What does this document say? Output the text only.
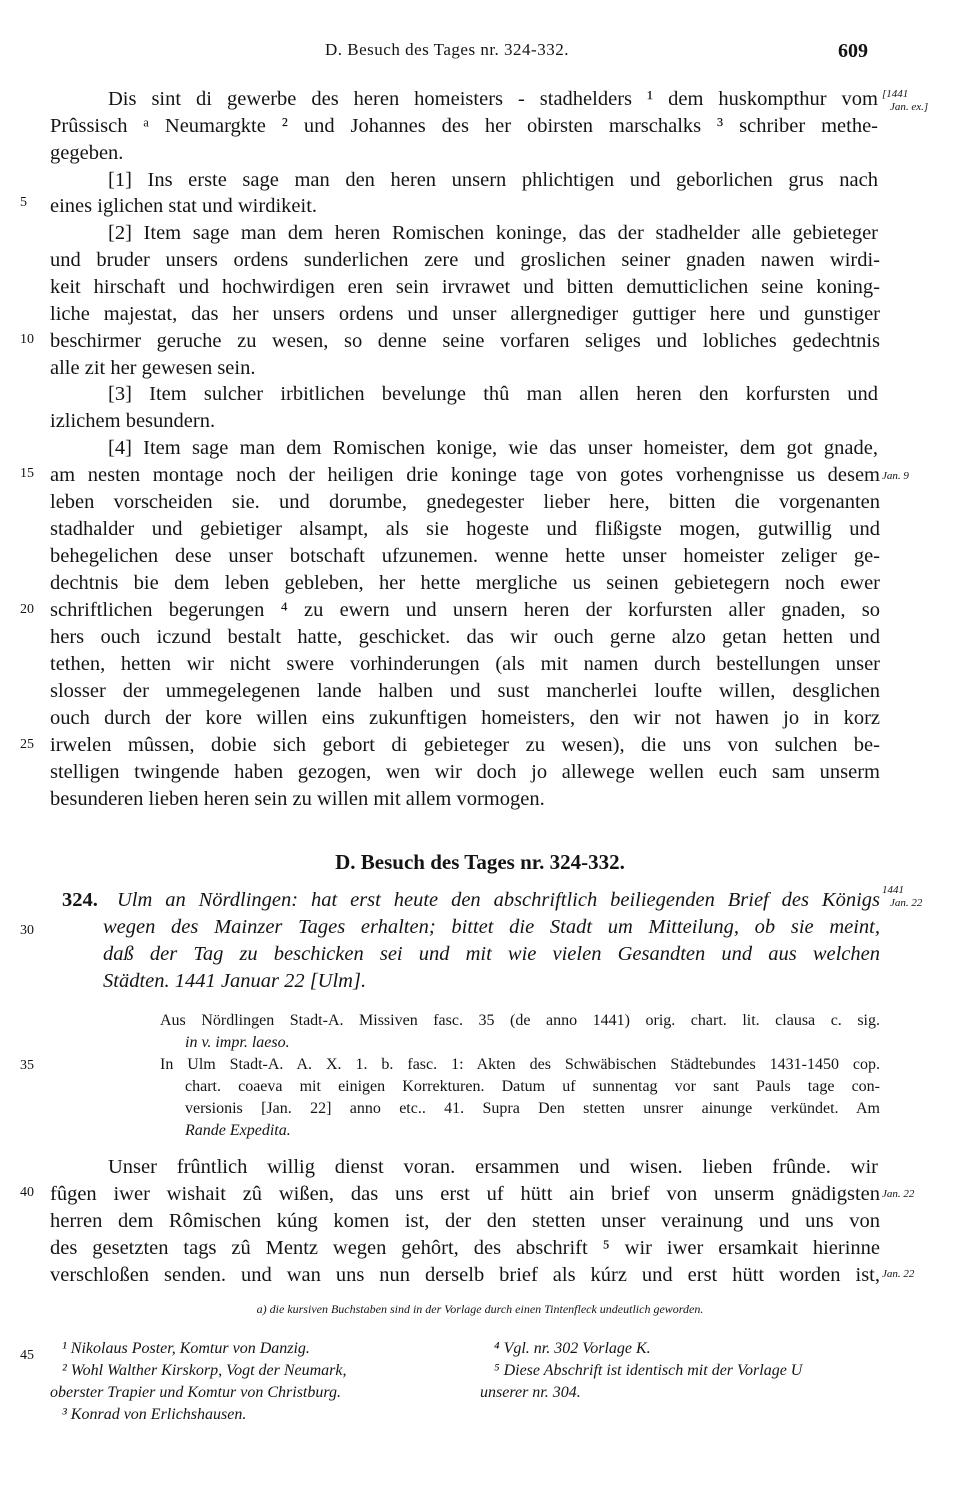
D. Besuch des Tages nr. 324-332.	609
[1441
Jan. ex.]
Jan. 9
1441
Jan. 22
Jan. 22
Jan. 22
5
10
15
20
25
30
35
40
45
Dis sint di gewerbe des heren homeisters - stadhelders ¹ dem huskompthur vom
Prûssisch ᵃ Neumargkte ² und Johannes des her obirsten marschalks ³ schriber methe-
gegeben.
[1] Ins erste sage man den heren unsern phlichtigen und geborlichen grus nach
eines iglichen stat und wirdikeit.
[2] Item sage man dem heren Romischen koninge, das der stadhelder alle gebieteger
und bruder unsers ordens sunderlichen zere und groslichen seiner gnaden nawen wirdi-
keit hirschaft und hochwirdigen eren sein irvrawet und bitten demutticlichen seine koning-
liche majestat, das her unsers ordens und unser allergnediger guttiger here und gunstiger
beschirmer geruche zu wesen, so denne seine vorfaren seliges und lobliches gedechtnis
alle zit her gewesen sein.
[3] Item sulcher irbitlichen bevelunge thû man allen heren den korfursten und
izlichem besundern.
[4] Item sage man dem Romischen konige, wie das unser homeister, dem got gnade,
am nesten montage noch der heiligen drie koninge tage von gotes vorhengnisse us desem
leben vorscheiden sie. und dorumbe, gnedegester lieber here, bitten die vorgenanten
stadhalder und gebietiger alsampt, als sie hogeste und flißigste mogen, gutwillig und
behegelichen dese unser botschaft ufzunemen. wenne hette unser homeister zeliger ge-
dechtnis bie dem leben gebleben, her hette mergliche us seinen gebietegern noch ewer
schriftlichen begerungen ⁴ zu ewern und unsern heren der korfursten aller gnaden, so
hers ouch iczund bestalt hatte, geschicket. das wir ouch gerne alzo getan hetten und
tethen, hetten wir nicht swere vorhinderungen (als mit namen durch bestellungen unser
slosser der ummegelegenen lande halben und sust mancherlei loufte willen, desglichen
ouch durch der kore willen eins zukunftigen homeisters, den wir not hawen jo in korz
irwelen mûssen, dobie sich gebort di gebieteger zu wesen), die uns von sulchen be-
stelligen twingende haben gezogen, wen wir doch jo allewege wellen euch sam unserm
besunderen lieben heren sein zu willen mit allem vormogen.
D. Besuch des Tages nr. 324-332.
324. Ulm an Nördlingen: hat erst heute den abschriftlich beiliegenden Brief des Königs
wegen des Mainzer Tages erhalten; bittet die Stadt um Mitteilung, ob sie meint,
daß der Tag zu beschicken sei und mit wie vielen Gesandten und aus welchen
Städten. 1441 Januar 22 [Ulm].
Aus Nördlingen Stadt-A. Missiven fasc. 35 (de anno 1441) orig. chart. lit. clausa c. sig.
in v. impr. laeso.
In Ulm Stadt-A. A. X. 1. b. fasc. 1: Akten des Schwäbischen Städtebundes 1431-1450 cop.
chart. coaeva mit einigen Korrekturen. Datum uf sunnentag vor sant Pauls tage con-
versionis [Jan. 22] anno etc.. 41. Supra Den stetten unsrer ainunge verkündet. Am
Rande Expedita.
Unser frûntlich willig dienst voran. ersammen und wisen. lieben frûnde. wir
fûgen iwer wishait zû wißen, das uns erst uf hütt ain brief von unserm gnädigsten
herren dem Rômischen kúng komen ist, der den stetten unser verainung und uns von
des gesetzten tags zû Mentz wegen gehôrt, des abschrift ⁵ wir iwer ersamkait hierinne
verschloßen senden. und wan uns nun derselb brief als kúrz und erst hütt worden ist,
a) die kursiven Buchstaben sind in der Vorlage durch einen Tintenfleck undeutlich geworden.
¹ Nikolaus Poster, Komtur von Danzig.
² Wohl Walther Kirskorp, Vogt der Neumark,
oberster Trapier und Komtur von Christburg.
³ Konrad von Erlichshausen.
⁴ Vgl. nr. 302 Vorlage K.
⁵ Diese Abschrift ist identisch mit der Vorlage U
unserer nr. 304.
